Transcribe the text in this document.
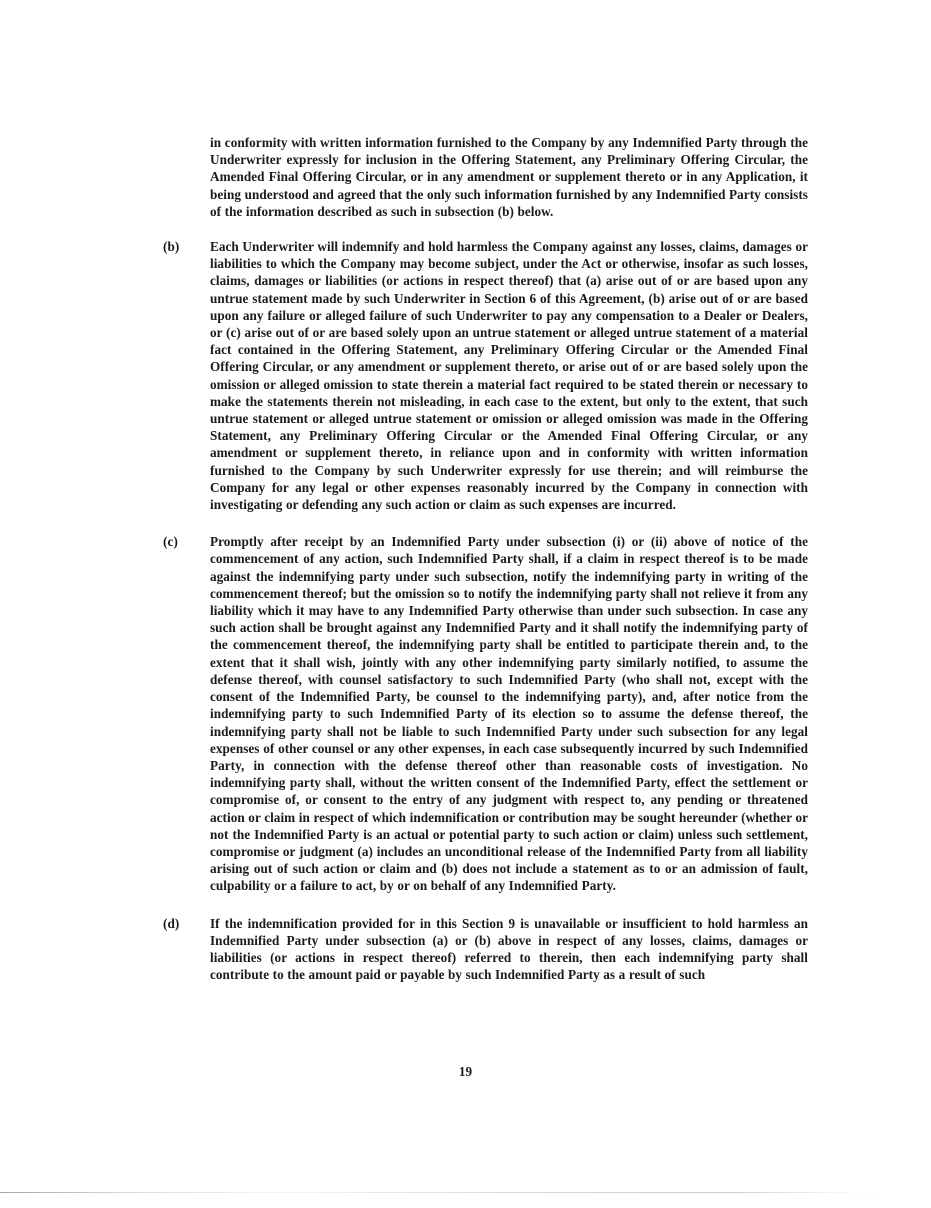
in conformity with written information furnished to the Company by any Indemnified Party through the Underwriter expressly for inclusion in the Offering Statement, any Preliminary Offering Circular, the Amended Final Offering Circular, or in any amendment or supplement thereto or in any Application, it being understood and agreed that the only such information furnished by any Indemnified Party consists of the information described as such in subsection (b) below.
(b)	Each Underwriter will indemnify and hold harmless the Company against any losses, claims, damages or liabilities to which the Company may become subject, under the Act or otherwise, insofar as such losses, claims, damages or liabilities (or actions in respect thereof) that (a) arise out of or are based upon any untrue statement made by such Underwriter in Section 6 of this Agreement, (b) arise out of or are based upon any failure or alleged failure of such Underwriter to pay any compensation to a Dealer or Dealers, or (c) arise out of or are based solely upon an untrue statement or alleged untrue statement of a material fact contained in the Offering Statement, any Preliminary Offering Circular or the Amended Final Offering Circular, or any amendment or supplement thereto, or arise out of or are based solely upon the omission or alleged omission to state therein a material fact required to be stated therein or necessary to make the statements therein not misleading, in each case to the extent, but only to the extent, that such untrue statement or alleged untrue statement or omission or alleged omission was made in the Offering Statement, any Preliminary Offering Circular or the Amended Final Offering Circular, or any amendment or supplement thereto, in reliance upon and in conformity with written information furnished to the Company by such Underwriter expressly for use therein; and will reimburse the Company for any legal or other expenses reasonably incurred by the Company in connection with investigating or defending any such action or claim as such expenses are incurred.
(c)	Promptly after receipt by an Indemnified Party under subsection (i) or (ii) above of notice of the commencement of any action, such Indemnified Party shall, if a claim in respect thereof is to be made against the indemnifying party under such subsection, notify the indemnifying party in writing of the commencement thereof; but the omission so to notify the indemnifying party shall not relieve it from any liability which it may have to any Indemnified Party otherwise than under such subsection. In case any such action shall be brought against any Indemnified Party and it shall notify the indemnifying party of the commencement thereof, the indemnifying party shall be entitled to participate therein and, to the extent that it shall wish, jointly with any other indemnifying party similarly notified, to assume the defense thereof, with counsel satisfactory to such Indemnified Party (who shall not, except with the consent of the Indemnified Party, be counsel to the indemnifying party), and, after notice from the indemnifying party to such Indemnified Party of its election so to assume the defense thereof, the indemnifying party shall not be liable to such Indemnified Party under such subsection for any legal expenses of other counsel or any other expenses, in each case subsequently incurred by such Indemnified Party, in connection with the defense thereof other than reasonable costs of investigation. No indemnifying party shall, without the written consent of the Indemnified Party, effect the settlement or compromise of, or consent to the entry of any judgment with respect to, any pending or threatened action or claim in respect of which indemnification or contribution may be sought hereunder (whether or not the Indemnified Party is an actual or potential party to such action or claim) unless such settlement, compromise or judgment (a) includes an unconditional release of the Indemnified Party from all liability arising out of such action or claim and (b) does not include a statement as to or an admission of fault, culpability or a failure to act, by or on behalf of any Indemnified Party.
(d)	If the indemnification provided for in this Section 9 is unavailable or insufficient to hold harmless an Indemnified Party under subsection (a) or (b) above in respect of any losses, claims, damages or liabilities (or actions in respect thereof) referred to therein, then each indemnifying party shall contribute to the amount paid or payable by such Indemnified Party as a result of such
19
